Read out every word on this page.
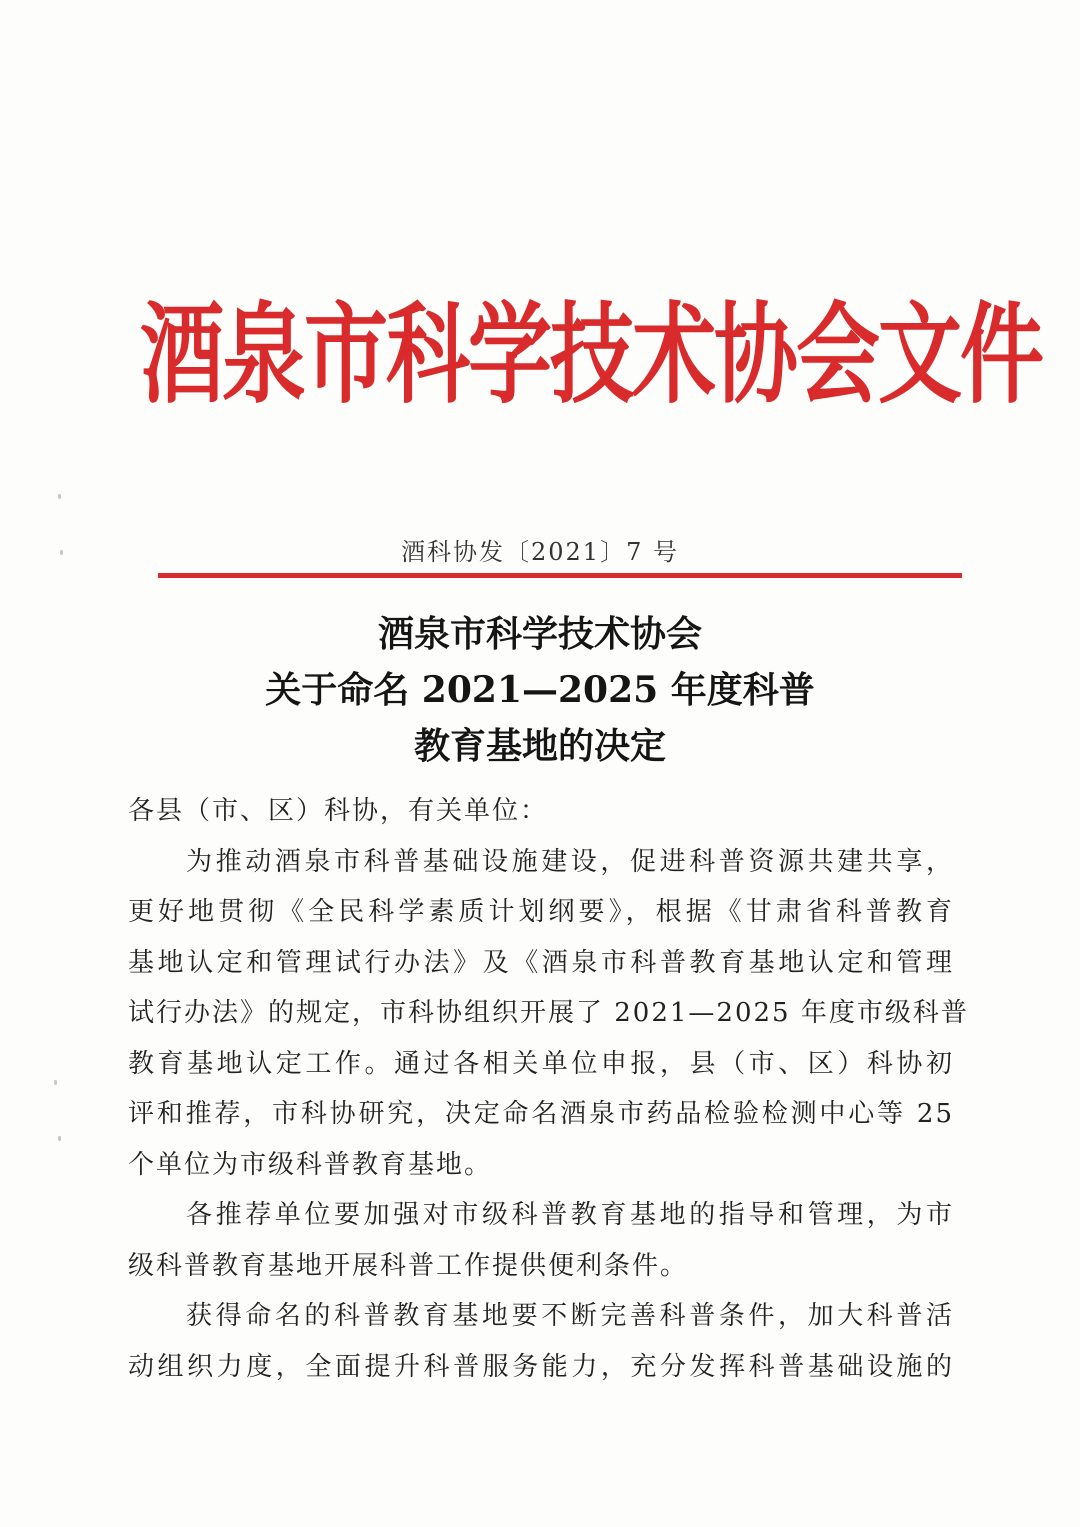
酒泉市科学技术协会文件
酒科协发〔2021〕7 号
酒泉市科学技术协会
关于命名 2021—2025 年度科普
教育基地的决定

各县（市、区）科协，有关单位：

为推动酒泉市科普基础设施建设，促进科普资源共建共享，
更好地贯彻《全民科学素质计划纲要》，根据《甘肃省科普教育
基地认定和管理试行办法》及《酒泉市科普教育基地认定和管理
试行办法》的规定，市科协组织开展了 2021—2025 年度市级科普
教育基地认定工作。通过各相关单位申报，县（市、区）科协初
评和推荐，市科协研究，决定命名酒泉市药品检验检测中心等 25
个单位为市级科普教育基地。

各推荐单位要加强对市级科普教育基地的指导和管理，为市
级科普教育基地开展科普工作提供便利条件。

获得命名的科普教育基地要不断完善科普条件，加大科普活
动组织力度，全面提升科普服务能力，充分发挥科普基础设施的
